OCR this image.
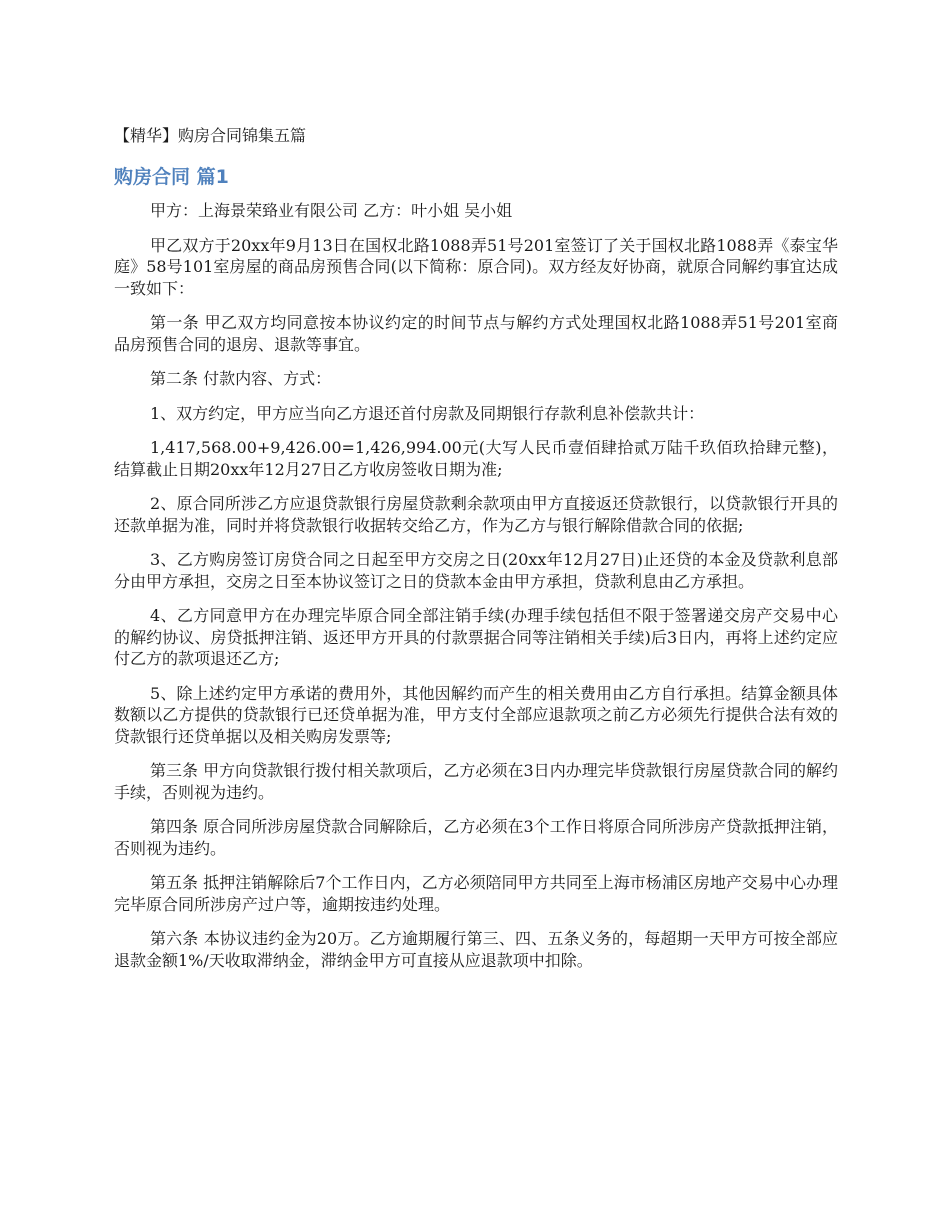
【精华】购房合同锦集五篇
购房合同 篇1

甲方：上海景荣臵业有限公司 乙方：叶小姐 吴小姐

甲乙双方于20xx年9月13日在国权北路1088弄51号201室签订了关于国权北路1088弄《泰宝华庭》58号101室房屋的商品房预售合同(以下简称：原合同)。双方经友好协商，就原合同解约事宜达成一致如下：

第一条 甲乙双方均同意按本协议约定的时间节点与解约方式处理国权北路1088弄51号201室商品房预售合同的退房、退款等事宜。

第二条 付款内容、方式：

1、双方约定，甲方应当向乙方退还首付房款及同期银行存款利息补偿款共计：

1,417,568.00+9,426.00=1,426,994.00元(大写人民币壹佰肆拾贰万陆千玖佰玖拾肆元整)，结算截止日期20xx年12月27日乙方收房签收日期为准;

2、原合同所涉乙方应退贷款银行房屋贷款剩余款项由甲方直接返还贷款银行，以贷款银行开具的还款单据为准，同时并将贷款银行收据转交给乙方，作为乙方与银行解除借款合同的依据;

3、乙方购房签订房贷合同之日起至甲方交房之日(20xx年12月27日)止还贷的本金及贷款利息部分由甲方承担，交房之日至本协议签订之日的贷款本金由甲方承担，贷款利息由乙方承担。

4、乙方同意甲方在办理完毕原合同全部注销手续(办理手续包括但不限于签署递交房产交易中心的解约协议、房贷抵押注销、返还甲方开具的付款票据合同等注销相关手续)后3日内，再将上述约定应付乙方的款项退还乙方;

5、除上述约定甲方承诺的费用外，其他因解约而产生的相关费用由乙方自行承担。结算金额具体数额以乙方提供的贷款银行已还贷单据为准，甲方支付全部应退款项之前乙方必须先行提供合法有效的贷款银行还贷单据以及相关购房发票等;

第三条 甲方向贷款银行拨付相关款项后，乙方必须在3日内办理完毕贷款银行房屋贷款合同的解约手续，否则视为违约。

第四条 原合同所涉房屋贷款合同解除后，乙方必须在3个工作日将原合同所涉房产贷款抵押注销，否则视为违约。

第五条 抵押注销解除后7个工作日内，乙方必须陪同甲方共同至上海市杨浦区房地产交易中心办理完毕原合同所涉房产过户等，逾期按违约处理。

第六条 本协议违约金为20万。乙方逾期履行第三、四、五条义务的，每超期一天甲方可按全部应退款金额1%/天收取滞纳金，滞纳金甲方可直接从应退款项中扣除。
